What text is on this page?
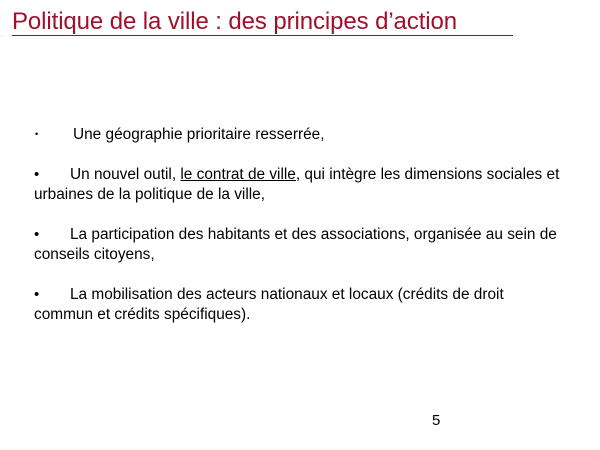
Politique de la ville : des principes d’action
• Une géographie prioritaire resserrée,
• Un nouvel outil, le contrat de ville, qui intègre les dimensions sociales et urbaines de la politique de la ville,
• La participation des habitants et des associations, organisée au sein de conseils citoyens,
• La mobilisation des acteurs nationaux et locaux (crédits de droit commun et crédits spécifiques).
5
